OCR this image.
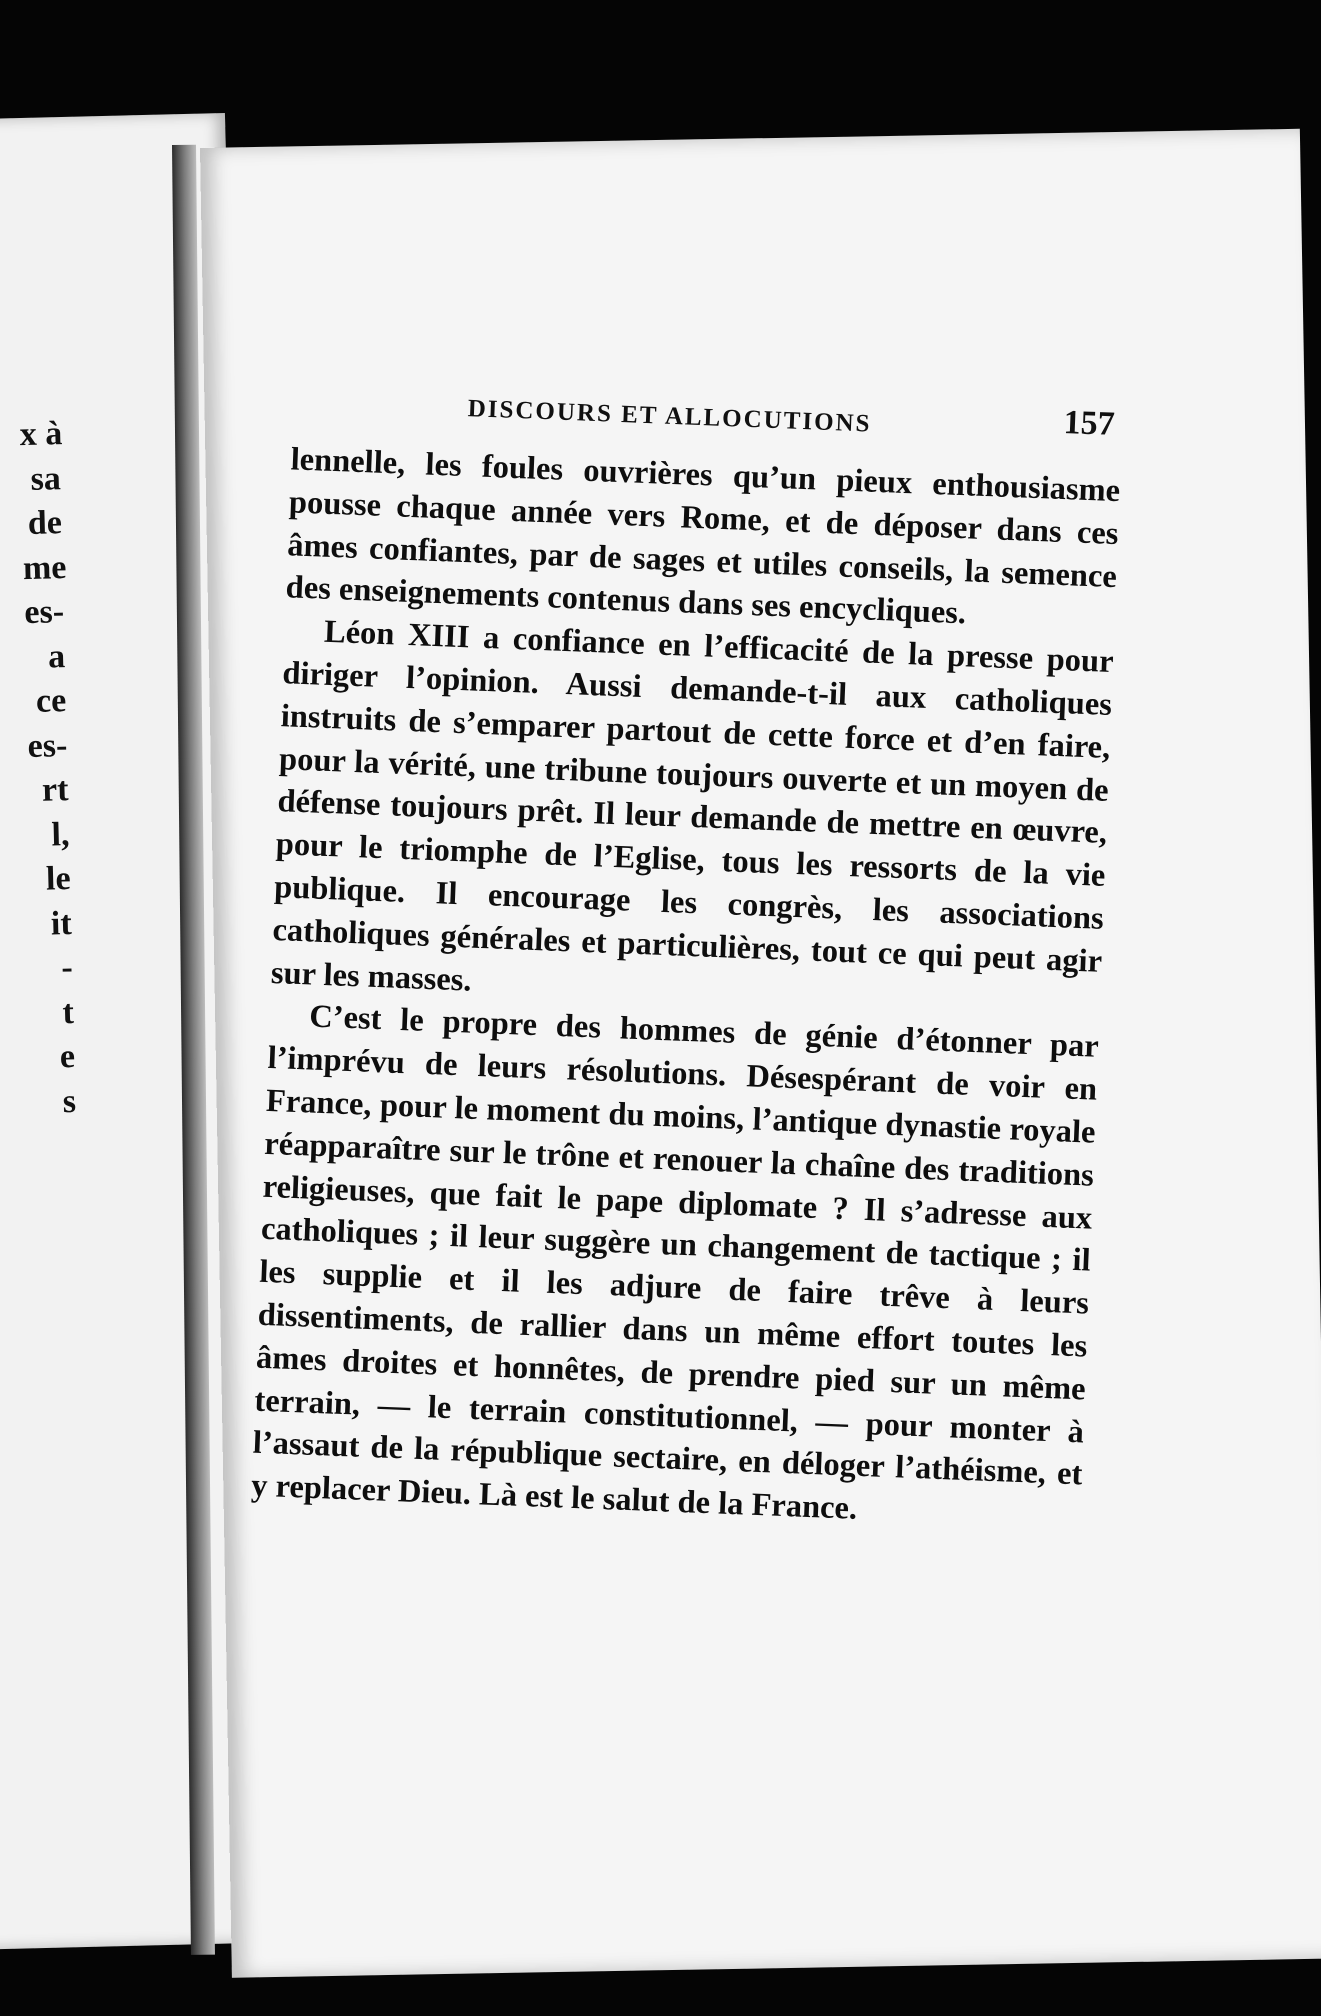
x à
sa
de
me
es-
a
ce
es-
rt
l,
le
it
-
t
e
s
DISCOURS ET ALLOCUTIONS	157

lennelle, les foules ouvrières qu’un pieux enthousiasme pousse chaque année vers Rome, et de déposer dans ces âmes confiantes, par de sages et utiles conseils, la semence des enseignements contenus dans ses encycliques.

Léon XIII a confiance en l’efficacité de la presse pour diriger l’opinion. Aussi demande-t-il aux catholiques instruits de s’emparer partout de cette force et d’en faire, pour la vérité, une tribune toujours ouverte et un moyen de défense toujours prêt. Il leur demande de mettre en œuvre, pour le triomphe de l’Eglise, tous les ressorts de la vie publique. Il encourage les congrès, les associations catholiques générales et particulières, tout ce qui peut agir sur les masses.

C’est le propre des hommes de génie d’étonner par l’imprévu de leurs résolutions. Désespérant de voir en France, pour le moment du moins, l’antique dynastie royale réapparaître sur le trône et renouer la chaîne des traditions religieuses, que fait le pape diplomate ? Il s’adresse aux catholiques ; il leur suggère un changement de tactique ; il les supplie et il les adjure de faire trêve à leurs dissentiments, de rallier dans un même effort toutes les âmes droites et honnêtes, de prendre pied sur un même terrain, — le terrain constitutionnel, — pour monter à l’assaut de la république sectaire, en déloger l’athéisme, et y replacer Dieu. Là est le salut de la France.
